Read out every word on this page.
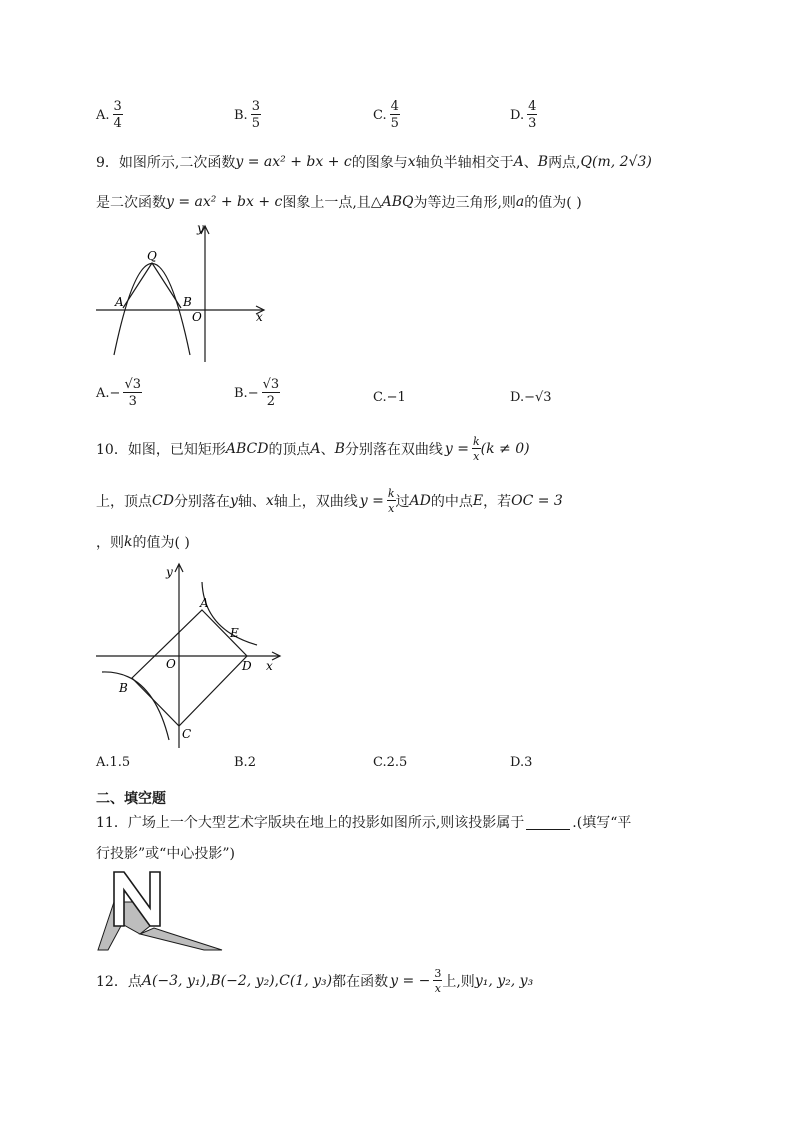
A. $\frac{3}{4}$	B. $\frac{3}{5}$	C. $\frac{4}{5}$	D. $\frac{4}{3}$
9． 如图所示,二次函数 y = ax² + bx + c 的图象与 x 轴负半轴相交于 A 、 B 两点, Q(m, 2√3)
是二次函数 y = ax² + bx + c 图象上一点,且 △ABQ 为等边三角形,则 a 的值为( )
y
x
Q
A	B
O
A. − $\frac{√3}{3}$	B. − $\frac{√3}{2}$	C. −1	D. −√3
10． 如图，已知矩形 ABCD 的顶点 A 、 B 分别落在双曲线 $y = \frac{k}{x} (k \ne 0)$
上，顶点 CD 分别落在 y 轴、 x 轴上，双曲线 $y = \frac{k}{x}$ 过 AD 的中点 E ，若 OC = 3
，则 k 的值为( )
y
x
A
E
D
O
B
C
A. 1.5	B. 2	C. 2.5	D. 3
二、填空题
11． 广场上一个大型艺术字版块在地上的投影如图所示,则该投影属于	.(填写“平
行投影”或“中心投影”)
12． 点 A(−3, y₁) , B(−2, y₂) , C(1, y₃) 都在函数 y = − $\frac{3}{x}$ 上,则 y₁, y₂, y₃
